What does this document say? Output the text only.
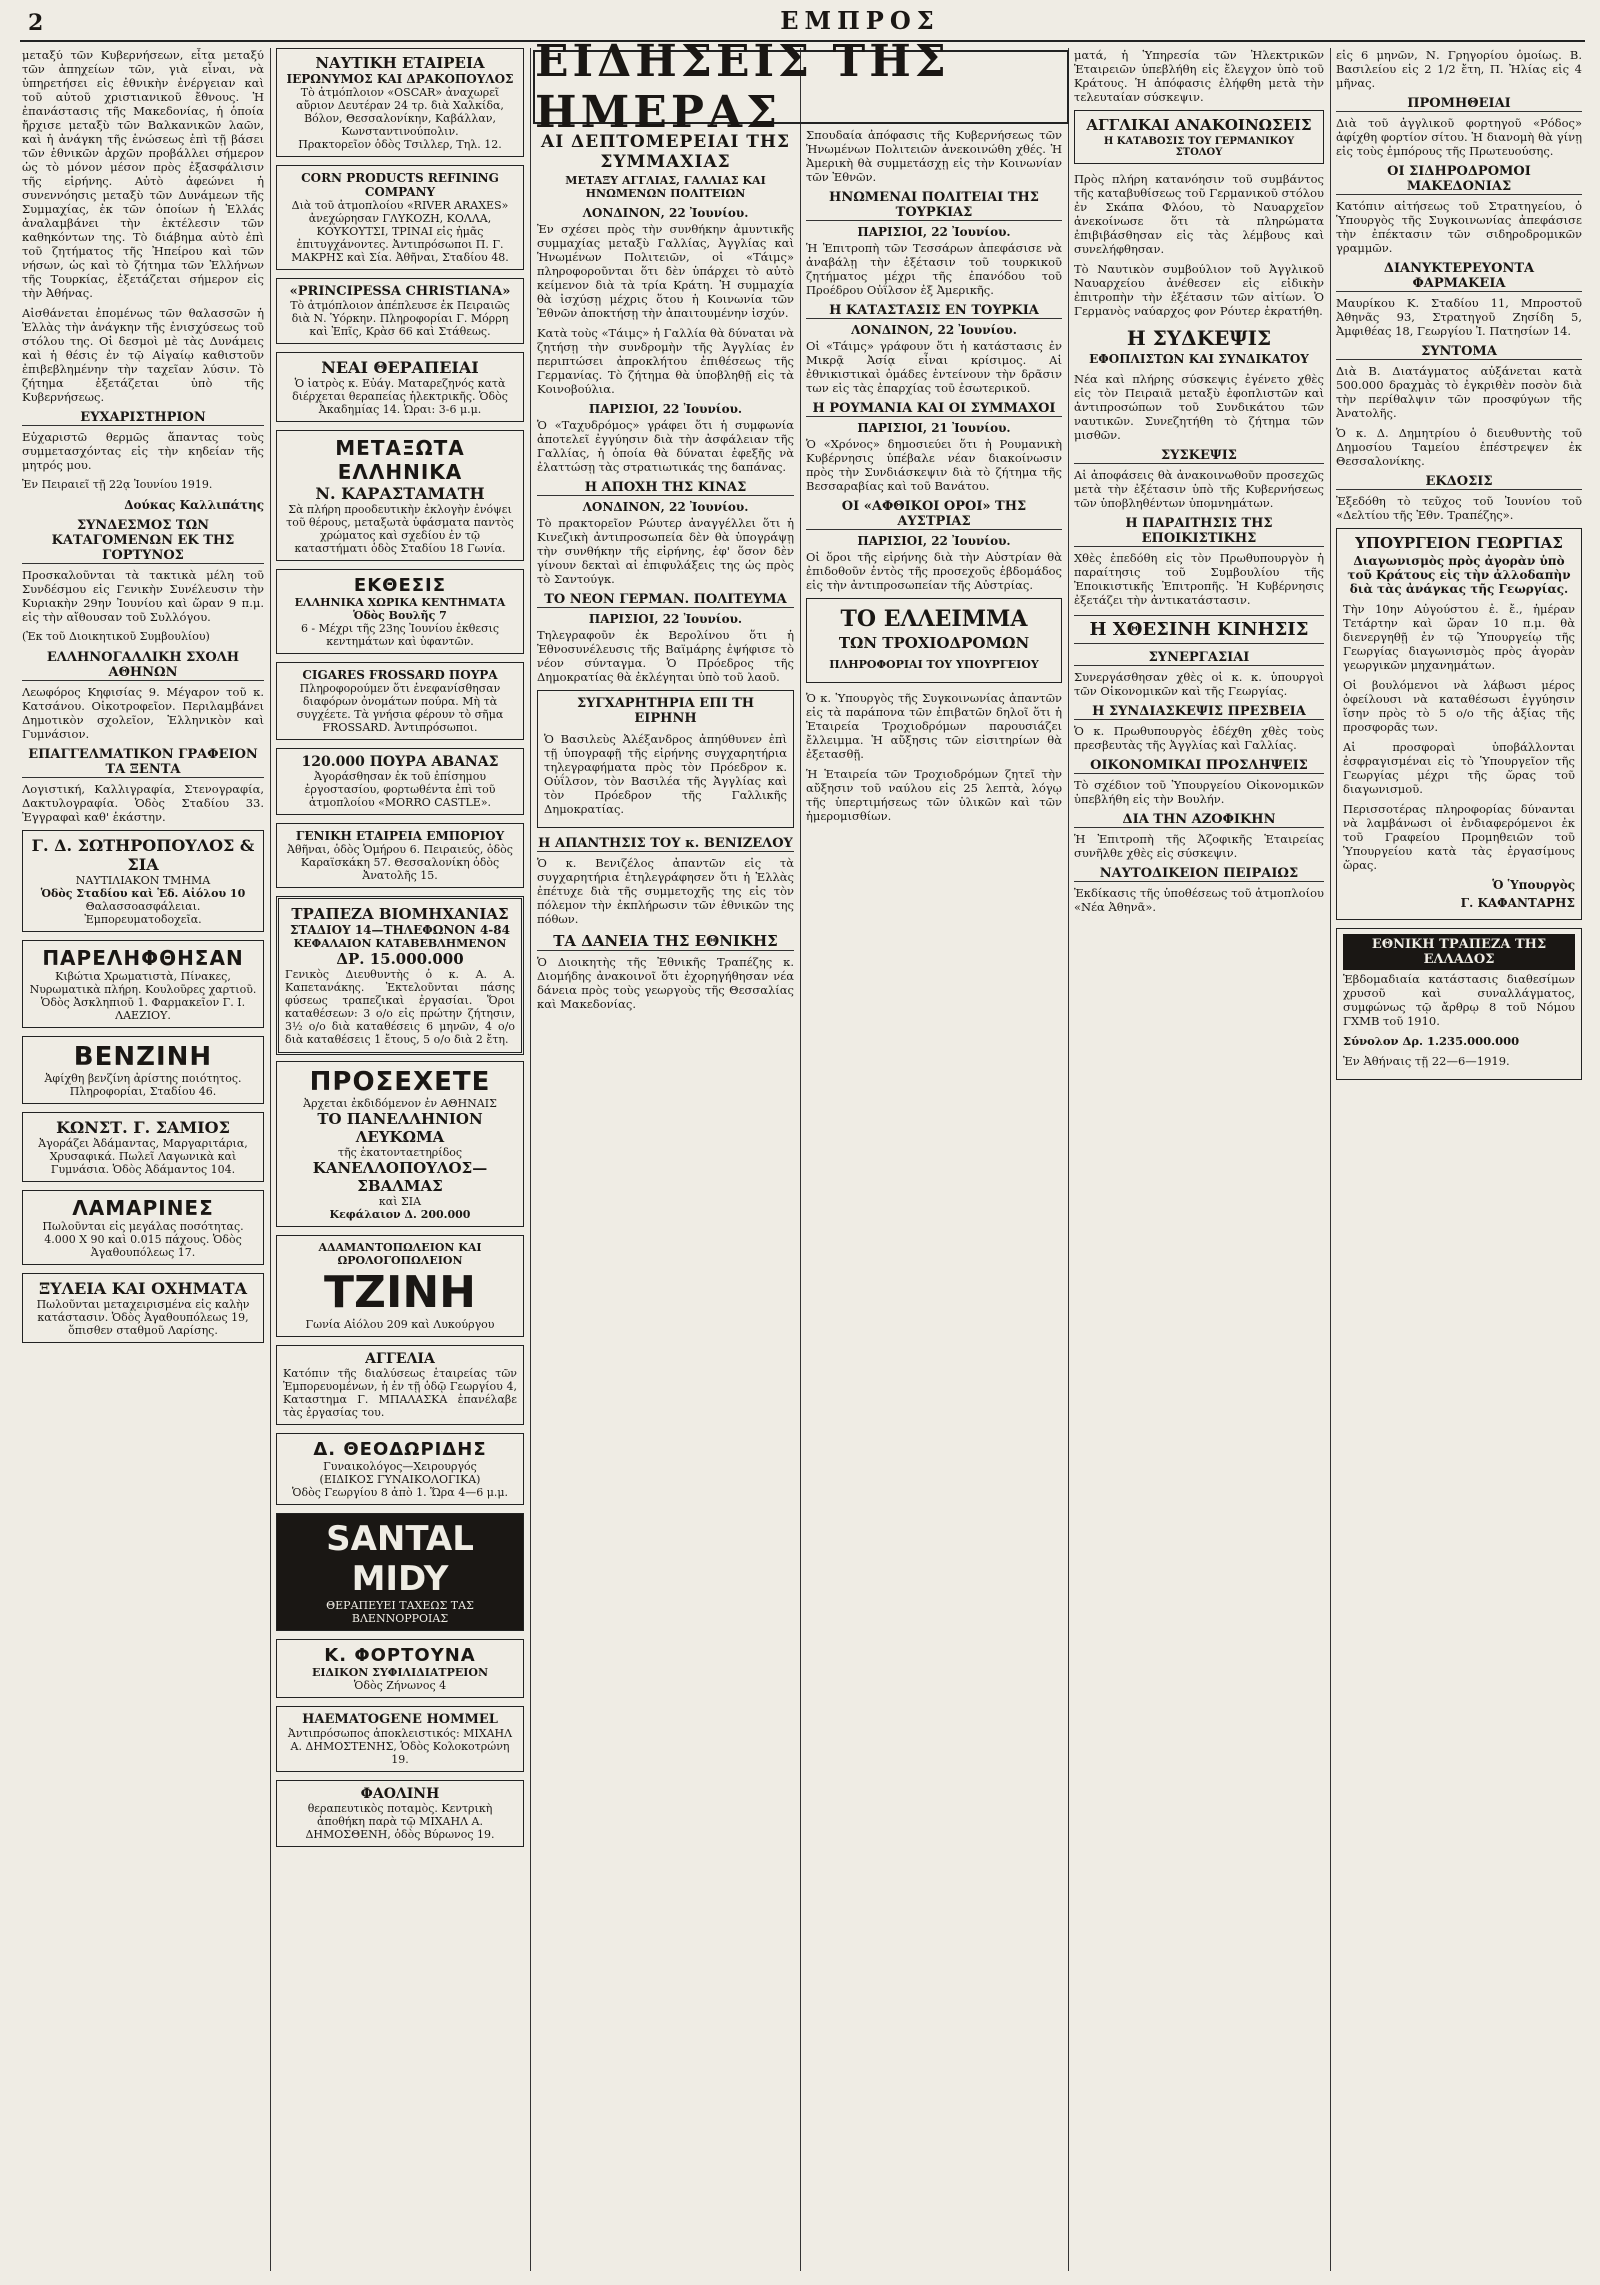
2	ΕΜΠΡΟΣ

μεταξύ τῶν Κυβερνήσεων, εἶτα μεταξύ τῶν ἀπηχείων τῶν, γιὰ εἶναι, νὰ ὑπηρετήσει εἰς ἐθνικὴν ἐνέργειαν καὶ τοῦ αὐτοῦ χριστιανικοῦ ἔθνους. Ἡ ἐπανάστασις τῆς Μακεδονίας, ἡ ὁποία ἤρχισε μεταξὺ τῶν Βαλκανικῶν λαῶν, καὶ ἡ ἀνάγκη τῆς ἑνώσεως ἐπὶ τῇ βάσει τῶν ἐθνικῶν ἀρχῶν προβάλλει σήμερον ὡς τὸ μόνον μέσον πρὸς ἐξασφάλισιν τῆς εἰρήνης. Αὐτὸ ἀφεώνει ἡ συνεννόησις μεταξὺ τῶν Δυνάμεων τῆς Συμμαχίας, ἐκ τῶν ὁποίων ἡ Ἑλλάς ἀναλαμβάνει τὴν ἐκτέλεσιν τῶν καθηκόντων της. Τὸ διάβημα αὐτὸ ἐπὶ τοῦ ζητήματος τῆς Ἠπείρου καὶ τῶν νήσων, ὡς καὶ τὸ ζήτημα τῶν Ἑλλήνων τῆς Τουρκίας, ἐξετάζεται σήμερον εἰς τὴν Ἀθήνας.

Αἰσθάνεται ἐπομένως τῶν θαλασσῶν ἡ Ἑλλὰς τὴν ἀνάγκην τῆς ἐνισχύσεως τοῦ στόλου της. Οἱ δεσμοὶ μὲ τὰς Δυνάμεις καὶ ἡ θέσις ἐν τῷ Αἰγαίῳ καθιστοῦν ἐπιβεβλημένην τὴν ταχεῖαν λύσιν. Τὸ ζήτημα ἐξετάζεται ὑπὸ τῆς Κυβερνήσεως.

ΕΥΧΑΡΙΣΤΗΡΙΟΝ

Εὐχαριστῶ θερμῶς ἅπαντας τοὺς συμμετασχόντας εἰς τὴν κηδείαν τῆς μητρός μου.

Ἐν Πειραιεῖ τῇ 22ᾳ Ἰουνίου 1919.

Δούκας Καλλιπάτης
ΣΥΝΔΕΣΜΟΣ ΤΩΝ ΚΑΤΑΓΟΜΕΝΩΝ ΕΚ ΤΗΣ ΓΟΡΤΥΝΟΣ

Προσκαλοῦνται τὰ τακτικὰ μέλη τοῦ Συνδέσμου εἰς Γενικὴν Συνέλευσιν τὴν Κυριακὴν 29ην Ἰουνίου καὶ ὥραν 9 π.μ. εἰς τὴν αἴθουσαν τοῦ Συλλόγου.

(Ἐκ τοῦ Διοικητικοῦ Συμβουλίου)

ΕΛΛΗΝΟΓΑΛΛΙΚΗ ΣΧΟΛΗ ΑΘΗΝΩΝ

Λεωφόρος Κηφισίας 9. Μέγαρον τοῦ κ. Κατσάνου. Οἰκοτροφεῖον. Περιλαμβάνει Δημοτικὸν σχολεῖον, Ἑλληνικὸν καὶ Γυμνάσιον.

ΕΠΑΓΓΕΛΜΑΤΙΚΟΝ ΓΡΑΦΕΙΟΝ ΤΑ ΞΕΝΤΑ

Λογιστική, Καλλιγραφία, Στενογραφία, Δακτυλογραφία. Ὁδὸς Σταδίου 33. Ἐγγραφαὶ καθ' ἑκάστην.

Γ. Δ. ΣΩΤΗΡΟΠΟΥΛΟΣ & ΣΙΑ
ΝΑΥΤΙΛΙΑΚΟΝ ΤΜΗΜΑ
Ὁδὸς Σταδίου καὶ Ἑδ. Αἰόλου 10
Θαλασσοασφάλειαι. Ἐμπορευματοδοχεῖα.
ΠΑΡΕΛΗΦΘΗΣΑΝ
Κιβώτια Χρωματιστὰ, Πίνακες, Νυρωματικὰ πλήρη. Κουλοῦρες χαρτιοῦ. Ὁδὸς Ἀσκληπιοῦ 1. Φαρμακεῖον Γ. Ι. ΛΑΕΖΙΟΥ.
ΒΕΝΖΙΝΗ
Ἀφίχθη βενζίνη ἀρίστης ποιότητος. Πληροφορίαι, Σταδίου 46.
ΚΩΝΣΤ. Γ. ΣΑΜΙΟΣ
Ἀγοράζει Ἀδάμαντας, Μαργαριτάρια, Χρυσαφικά. Πωλεῖ Λαγωνικὰ καὶ Γυμνάσια. Ὁδὸς Ἀδάμαντος 104.
ΛΑΜΑΡΙΝΕΣ
Πωλοῦνται εἰς μεγάλας ποσότητας. 4.000 Χ 90 καὶ 0.015 πάχους. Ὁδὸς Ἀγαθουπόλεως 17.
ΞΥΛΕΙΑ ΚΑΙ ΟΧΗΜΑΤΑ
Πωλοῦνται μεταχειρισμένα εἰς καλὴν κατάστασιν. Ὁδὸς Ἀγαθουπόλεως 19, ὅπισθεν σταθμοῦ Λαρίσης.
ΝΑΥΤΙΚΗ ΕΤΑΙΡΕΙΑ
ΙΕΡΩΝΥΜΟΣ ΚΑΙ ΔΡΑΚΟΠΟΥΛΟΣ
Τὸ ἀτμόπλοιον «OSCAR» ἀναχωρεῖ αὔριον Δευτέραν 24 τρ. διὰ Χαλκίδα, Βόλον, Θεσσαλονίκην, Καβάλλαν, Κωνσταντινούπολιν.
Πρακτορεῖον ὁδὸς Τσιλλερ, Τηλ. 12.
CORN PRODUCTS REFINING COMPANY
Διὰ τοῦ ἀτμοπλοίου «RIVER ARAXES» ἀνεχώρησαν ΓΛΥΚΟΖΗ, ΚΟΛΛΑ, ΚΟΥΚΟΥΤΣΙ, ΤΡΙΝΑΙ εἰς ἡμᾶς ἐπιτυγχάνοντες. Ἀντιπρόσωποι Π. Γ. ΜΑΚΡΗΣ καὶ Σία. Ἀθῆναι, Σταδίου 48.
«PRINCIPESSA CHRISTIANA»
Τὸ ἀτμόπλοιον ἀπέπλευσε ἐκ Πειραιῶς διὰ Ν. Ὑόρκην. Πληροφορίαι Γ. Μόρρη καὶ Ἐπῖς, Κρὰσ 66 καὶ Στάθεως.
ΝΕΑΙ ΘΕΡΑΠΕΙΑΙ
Ὁ ἰατρὸς κ. Εὐάγ. Ματαρεζηνός κατὰ διέρχεται θεραπείας ἠλεκτρικῆς. Ὁδὸς Ἀκαδημίας 14. Ὡραι: 3-6 μ.μ.
ΜΕΤΑΞΩΤΑ ΕΛΛΗΝΙΚΑ
Ν. ΚΑΡΑΣΤΑΜΑΤΗ
Σὰ πλήρη προοδευτικὴν ἐκλογὴν ἐνόψει τοῦ θέρους, μεταξωτὰ ὑφάσματα παντὸς χρώματος καὶ σχεδίου ἐν τῷ καταστήματι ὁδὸς Σταδίου 18 Γωνία.
ΕΚΘΕΣΙΣ
ΕΛΛΗΝΙΚΑ ΧΩΡΙΚΑ ΚΕΝΤΗΜΑΤΑ
Ὁδὸς Βουλῆς 7
6 - Μέχρι τῆς 23ης Ἰουνίου ἐκθεσις κεντημάτων καὶ ὑφαντῶν.
CIGARES FROSSARD ΠΟΥΡΑ
Πληροφορούμεν ὅτι ἐνεφανίσθησαν διαφόρων ὀνομάτων πούρα. Μὴ τὰ συγχέετε. Τὰ γνήσια φέρουν τὸ σῆμα FROSSARD. Ἀντιπρόσωποι.
120.000 ΠΟΥΡΑ ΑΒΑΝΑΣ
Ἀγοράσθησαν ἐκ τοῦ ἐπίσημου ἐργοστασίου, φορτωθέντα ἐπὶ τοῦ ἀτμοπλοίου «MORRO CASTLE».
ΓΕΝΙΚΗ ΕΤΑΙΡΕΙΑ ΕΜΠΟΡΙΟΥ
Ἀθῆναι, ὁδὸς Ὁμήρου 6. Πειραιεύς, ὁδὸς Καραϊσκάκη 57. Θεσσαλονίκη ὁδὸς Ἀνατολῆς 15.
ΤΡΑΠΕΖΑ ΒΙΟΜΗΧΑΝΙΑΣ
ΣΤΑΔΙΟΥ 14—ΤΗΛΕΦΩΝΟΝ 4-84
ΚΕΦΑΛΑΙΟΝ ΚΑΤΑΒΕΒΛΗΜΕΝΟΝ
ΔΡ. 15.000.000
Γενικὸς Διευθυντὴς ὁ κ. Α. Α. Καπετανάκης. Ἐκτελοῦνται πάσης φύσεως τραπεζικαὶ ἐργασίαι. Ὅροι καταθέσεων: 3 ο/ο εἰς πρώτην ζήτησιν, 3½ ο/ο διὰ καταθέσεις 6 μηνῶν, 4 ο/ο διὰ καταθέσεις 1 ἔτους, 5 ο/ο διὰ 2 ἔτη.
ΠΡΟΣΕΧΕΤΕ
Ἀρχεται ἐκδιδόμενον ἐν ΑΘΗΝΑΙΣ
ΤΟ ΠΑΝΕΛΛΗΝΙΟΝ ΛΕΥΚΩΜΑ
τῆς ἑκατονταετηρίδος
ΚΑΝΕΛΛΟΠΟΥΛΟΣ—ΣΒΑΛΜΑΣ
καὶ ΣΙΑ
Κεφάλαιον Δ. 200.000
ΑΔΑΜΑΝΤΟΠΩΛΕΙΟΝ ΚΑΙ ΩΡΟΛΟΓΟΠΩΛΕΙΟΝ
ΤΖΙΝΗ
Γωνία Αἰόλου 209 καὶ Λυκούργου
ΑΓΓΕΛΙΑ
Κατόπιν τῆς διαλύσεως ἑταιρείας τῶν Ἐμπορευομένων, ἡ ἐν τῇ ὁδῷ Γεωργίου 4, Καταστημα Γ. ΜΠΑΛΑΣΚΑ ἐπανέλαβε τὰς ἐργασίας του.
Δ. ΘΕΟΔΩΡΙΔΗΣ
Γυναικολόγος—Χειρουργός
(ΕΙΔΙΚΟΣ ΓΥΝΑΙΚΟΛΟΓΙΚΑ)
Ὁδὸς Γεωργίου 8 ἀπὸ 1. Ὥρα 4—6 μ.μ.
SANTAL MIDY
ΘΕΡΑΠΕΥΕΙ ΤΑΧΕΩΣ ΤΑΣ ΒΛΕΝΝΟΡΡΟΙΑΣ
Κ. ΦΟΡΤΟΥΝΑ
ΕΙΔΙΚΟΝ ΣΥΦΙΛΙΔΙΑΤΡΕΙΟΝ
Ὁδὸς Ζήνωνος 4
HAEMATOGENE HOMMEL
Ἀντιπρόσωπος ἀποκλειστικός: ΜΙΧΑΗΛ Α. ΔΗΜΟΣΤΕΝΗΣ, Ὁδὸς Κολοκοτρώνη 19.
ΦΑΟΛΙΝΗ
θεραπευτικὸς ποταμὸς. Κεντρικὴ ἀποθήκη παρὰ τῷ ΜΙΧΑΗΛ Α. ΔΗΜΟΣΘΕΝΗ, ὁδὸς Βύρωνος 19.
ΕΙΔΗΣΕΙΣ ΤΗΣ ΗΜΕΡΑΣ
ΑΙ ΔΕΠΤΟΜΕΡΕΙΑΙ ΤΗΣ ΣΥΜΜΑΧΙΑΣ
ΜΕΤΑΞΥ ΑΓΓΛΙΑΣ, ΓΑΛΛΙΑΣ ΚΑΙ ΗΝΩΜΕΝΩΝ ΠΟΛΙΤΕΙΩΝ
ΛΟΝΔΙΝΟΝ, 22 Ἰουνίου.

Ἐν σχέσει πρὸς τὴν συνθήκην ἀμυντικῆς συμμαχίας μεταξὺ Γαλλίας, Ἀγγλίας καὶ Ἡνωμένων Πολιτειῶν, οἱ «Τάιμς» πληροφοροῦνται ὅτι δὲν ὑπάρχει τὸ αὐτὸ κείμενον διὰ τὰ τρία Κράτη. Ἡ συμμαχία θὰ ἰσχύσῃ μέχρις ὅτου ἡ Κοινωνία τῶν Ἐθνῶν ἀποκτήσῃ τὴν ἀπαιτουμένην ἰσχύν.

Κατὰ τοὺς «Τάιμς» ἡ Γαλλία θὰ δύναται νὰ ζητήσῃ τὴν συνδρομὴν τῆς Ἀγγλίας ἐν περιπτώσει ἀπροκλήτου ἐπιθέσεως τῆς Γερμανίας. Τὸ ζήτημα θὰ ὑποβληθῇ εἰς τὰ Κοινοβούλια.

ΠΑΡΙΣΙΟΙ, 22 Ἰουνίου.

Ὁ «Ταχυδρόμος» γράφει ὅτι ἡ συμφωνία ἀποτελεῖ ἐγγύησιν διὰ τὴν ἀσφάλειαν τῆς Γαλλίας, ἡ ὁποία θὰ δύναται ἐφεξῆς νὰ ἐλαττώσῃ τὰς στρατιωτικάς της δαπάνας.

Η ΑΠΟΧΗ ΤΗΣ ΚΙΝΑΣ
ΛΟΝΔΙΝΟΝ, 22 Ἰουνίου.

Τὸ πρακτορεῖον Ρώυτερ ἀναγγέλλει ὅτι ἡ Κινεζικὴ ἀντιπροσωπεία δὲν θὰ ὑπογράψῃ τὴν συνθήκην τῆς εἰρήνης, ἐφ' ὅσον δὲν γίνουν δεκταὶ αἱ ἐπιφυλάξεις της ὡς πρὸς τὸ Σαντούγκ.

ΤΟ ΝΕΟΝ ΓΕΡΜΑΝ. ΠΟΛΙΤΕΥΜΑ
ΠΑΡΙΣΙΟΙ, 22 Ἰουνίου.

Τηλεγραφοῦν ἐκ Βερολίνου ὅτι ἡ Ἐθνοσυνέλευσις τῆς Βαϊμάρης ἐψήφισε τὸ νέον σύνταγμα. Ὁ Πρόεδρος τῆς Δημοκρατίας θὰ ἐκλέγηται ὑπὸ τοῦ λαοῦ.

ΣΥΓΧΑΡΗΤΗΡΙΑ ΕΠΙ ΤΗ ΕΙΡΗΝΗ

Ὁ Βασιλεὺς Ἀλέξανδρος ἀπηύθυνεν ἐπὶ τῇ ὑπογραφῇ τῆς εἰρήνης συγχαρητήρια τηλεγραφήματα πρὸς τὸν Πρόεδρον κ. Οὐΐλσον, τὸν Βασιλέα τῆς Ἀγγλίας καὶ τὸν Πρόεδρον τῆς Γαλλικῆς Δημοκρατίας.

Η ΑΠΑΝΤΗΣΙΣ ΤΟΥ κ. ΒΕΝΙΖΕΛΟΥ

Ὁ κ. Βενιζέλος ἀπαντῶν εἰς τὰ συγχαρητήρια ἐτηλεγράφησεν ὅτι ἡ Ἑλλὰς ἐπέτυχε διὰ τῆς συμμετοχῆς της εἰς τὸν πόλεμον τὴν ἐκπλήρωσιν τῶν ἐθνικῶν της πόθων.

ΤΑ ΔΑΝΕΙΑ ΤΗΣ ΕΘΝΙΚΗΣ

Ὁ Διοικητὴς τῆς Ἐθνικῆς Τραπέζης κ. Διομήδης ἀνακοινοῖ ὅτι ἐχορηγήθησαν νέα δάνεια πρὸς τοὺς γεωργοὺς τῆς Θεσσαλίας καὶ Μακεδονίας.

Σπουδαία ἀπόφασις τῆς Κυβερνήσεως τῶν Ἡνωμένων Πολιτειῶν ἀνεκοινώθη χθές. Ἡ Ἀμερικὴ θὰ συμμετάσχῃ εἰς τὴν Κοινωνίαν τῶν Ἐθνῶν.

ΗΝΩΜΕΝΑΙ ΠΟΛΙΤΕΙΑΙ ΤΗΣ ΤΟΥΡΚΙΑΣ
ΠΑΡΙΣΙΟΙ, 22 Ἰουνίου.

Ἡ Ἐπιτροπὴ τῶν Τεσσάρων ἀπεφάσισε νὰ ἀναβάλῃ τὴν ἐξέτασιν τοῦ τουρκικοῦ ζητήματος μέχρι τῆς ἐπανόδου τοῦ Προέδρου Οὐΐλσον ἐξ Ἀμερικῆς.

Η ΚΑΤΑΣΤΑΣΙΣ ΕΝ ΤΟΥΡΚΙΑ
ΛΟΝΔΙΝΟΝ, 22 Ἰουνίου.

Οἱ «Τάιμς» γράφουν ὅτι ἡ κατάστασις ἐν Μικρᾷ Ἀσίᾳ εἶναι κρίσιμος. Αἱ ἐθνικιστικαὶ ὁμάδες ἐντείνουν τὴν δρᾶσιν των εἰς τὰς ἐπαρχίας τοῦ ἐσωτερικοῦ.

Η ΡΟΥΜΑΝΙΑ ΚΑΙ ΟΙ ΣΥΜΜΑΧΟΙ
ΠΑΡΙΣΙΟΙ, 21 Ἰουνίου.

Ὁ «Χρόνος» δημοσιεύει ὅτι ἡ Ρουμανικὴ Κυβέρνησις ὑπέβαλε νέαν διακοίνωσιν πρὸς τὴν Συνδιάσκεψιν διὰ τὸ ζήτημα τῆς Βεσσαραβίας καὶ τοῦ Βανάτου.

ΟΙ «ΑΦΘΙΚΟΙ ΟΡΟΙ» ΤΗΣ ΑΥΣΤΡΙΑΣ
ΠΑΡΙΣΙΟΙ, 22 Ἰουνίου.

Οἱ ὅροι τῆς εἰρήνης διὰ τὴν Αὐστρίαν θὰ ἐπιδοθοῦν ἐντὸς τῆς προσεχοῦς ἑβδομάδος εἰς τὴν ἀντιπροσωπείαν τῆς Αὐστρίας.

ΤΟ ΕΛΛΕΙΜΜΑ
ΤΩΝ ΤΡΟΧΙΟΔΡΟΜΩΝ
ΠΛΗΡΟΦΟΡΙΑΙ ΤΟΥ ΥΠΟΥΡΓΕΙΟΥ

Ὁ κ. Ὑπουργὸς τῆς Συγκοινωνίας ἀπαντῶν εἰς τὰ παράπονα τῶν ἐπιβατῶν δηλοῖ ὅτι ἡ Ἑταιρεία Τροχιοδρόμων παρουσιάζει ἔλλειμμα. Ἡ αὔξησις τῶν εἰσιτηρίων θὰ ἐξετασθῇ.

Ἡ Ἑταιρεία τῶν Τροχιοδρόμων ζητεῖ τὴν αὔξησιν τοῦ ναύλου εἰς 25 λεπτὰ, λόγῳ τῆς ὑπερτιμήσεως τῶν ὑλικῶν καὶ τῶν ἡμερομισθίων.

ματά, ἡ Ὑπηρεσία τῶν Ἠλεκτρικῶν Ἑταιρειῶν ὑπεβλήθη εἰς ἔλεγχον ὑπὸ τοῦ Κράτους. Ἡ ἀπόφασις ἐλήφθη μετὰ τὴν τελευταίαν σύσκεψιν.

ΑΓΓΛΙΚΑΙ ΑΝΑΚΟΙΝΩΣΕΙΣ
Η ΚΑΤΑΒΟΣΙΣ ΤΟΥ ΓΕΡΜΑΝΙΚΟΥ ΣΤΟΛΟΥ

Πρὸς πλήρη κατανόησιν τοῦ συμβάντος τῆς καταβυθίσεως τοῦ Γερμανικοῦ στόλου ἐν Σκάπα Φλόου, τὸ Ναυαρχεῖον ἀνεκοίνωσε ὅτι τὰ πληρώματα ἐπιβιβάσθησαν εἰς τὰς λέμβους καὶ συνελήφθησαν.

Τὸ Ναυτικὸν συμβούλιον τοῦ Ἀγγλικοῦ Ναυαρχείου ἀνέθεσεν εἰς εἰδικὴν ἐπιτροπὴν τὴν ἐξέτασιν τῶν αἰτίων. Ὁ Γερμανὸς ναύαρχος φον Ρόυτερ ἐκρατήθη.

Η ΣΥΔΚΕΨΙΣ
ΕΦΟΠΛΙΣΤΩΝ ΚΑΙ ΣΥΝΔΙΚΑΤΟΥ

Νέα καὶ πλήρης σύσκεψις ἐγένετο χθὲς εἰς τὸν Πειραιᾶ μεταξὺ ἐφοπλιστῶν καὶ ἀντιπροσώπων τοῦ Συνδικάτου τῶν ναυτικῶν. Συνεζητήθη τὸ ζήτημα τῶν μισθῶν.

ΣΥΣΚΕΨΙΣ

Αἱ ἀποφάσεις θὰ ἀνακοινωθοῦν προσεχῶς μετὰ τὴν ἐξέτασιν ὑπὸ τῆς Κυβερνήσεως τῶν ὑποβληθέντων ὑπομνημάτων.

Η ΠΑΡΑΙΤΗΣΙΣ ΤΗΣ ΕΠΟΙΚΙΣΤΙΚΗΣ

Χθὲς ἐπεδόθη εἰς τὸν Πρωθυπουργὸν ἡ παραίτησις τοῦ Συμβουλίου τῆς Ἐποικιστικῆς Ἐπιτροπῆς. Ἡ Κυβέρνησις ἐξετάζει τὴν ἀντικατάστασιν.

Η ΧΘΕΣΙΝΗ ΚΙΝΗΣΙΣ
ΣΥΝΕΡΓΑΣΙΑΙ

Συνεργάσθησαν χθὲς οἱ κ. κ. ὑπουργοὶ τῶν Οἰκονομικῶν καὶ τῆς Γεωργίας.

Η ΣΥΝΔΙΑΣΚΕΨΙΣ ΠΡΕΣΒΕΙΑ

Ὁ κ. Πρωθυπουργὸς ἐδέχθη χθὲς τοὺς πρεσβευτὰς τῆς Ἀγγλίας καὶ Γαλλίας.

ΟΙΚΟΝΟΜΙΚΑΙ ΠΡΟΣΛΗΨΕΙΣ

Τὸ σχέδιον τοῦ Ὑπουργείου Οἰκονομικῶν ὑπεβλήθη εἰς τὴν Βουλήν.

ΔΙΑ ΤΗΝ ΑΖΟΦΙΚΗΝ

Ἡ Ἐπιτροπὴ τῆς Ἀζοφικῆς Ἑταιρείας συνῆλθε χθὲς εἰς σύσκεψιν.

ΝΑΥΤΟΔΙΚΕΙΟΝ ΠΕΙΡΑΙΩΣ

Ἐκδίκασις τῆς ὑποθέσεως τοῦ ἀτμοπλοίου «Νέα Ἀθηνᾶ».

εἰς 6 μηνῶν, Ν. Γρηγορίου ὁμοίως. Β. Βασιλείου εἰς 2 1/2 ἔτη, Π. Ἠλίας εἰς 4 μῆνας.

ΠΡΟΜΗΘΕΙΑΙ

Διὰ τοῦ ἀγγλικοῦ φορτηγοῦ «Ρόδος» ἀφίχθη φορτίον σίτου. Ἡ διανομὴ θὰ γίνῃ εἰς τοὺς ἐμπόρους τῆς Πρωτευούσης.

ΟΙ ΣΙΔΗΡΟΔΡΟΜΟΙ ΜΑΚΕΔΟΝΙΑΣ

Κατόπιν αἰτήσεως τοῦ Στρατηγείου, ὁ Ὑπουργὸς τῆς Συγκοινωνίας ἀπεφάσισε τὴν ἐπέκτασιν τῶν σιδηροδρομικῶν γραμμῶν.

ΔΙΑΝΥΚΤΕΡΕΥΟΝΤΑ ΦΑΡΜΑΚΕΙΑ

Μαυρίκου Κ. Σταδίου 11, Μπροστοῦ Ἀθηνᾶς 93, Στρατηγοῦ Ζησίδη 5, Ἀμφιθέας 18, Γεωργίου Ἰ. Πατησίων 14.

ΣΥΝΤΟΜΑ

Διὰ Β. Διατάγματος αὐξάνεται κατὰ 500.000 δραχμὰς τὸ ἐγκριθὲν ποσὸν διὰ τὴν περίθαλψιν τῶν προσφύγων τῆς Ἀνατολῆς.

Ὁ κ. Δ. Δημητρίου ὁ διευθυντὴς τοῦ Δημοσίου Ταμείου ἐπέστρεψεν ἐκ Θεσσαλονίκης.

ΕΚΔΟΣΙΣ

Ἐξεδόθη τὸ τεῦχος τοῦ Ἰουνίου τοῦ «Δελτίου τῆς Ἐθν. Τραπέζης».

ΥΠΟΥΡΓΕΙΟΝ ΓΕΩΡΓΙΑΣ
Διαγωνισμὸς πρὸς ἀγορὰν ὑπὸ τοῦ Κράτους εἰς τὴν ἀλλοδαπὴν διὰ τὰς ἀνάγκας τῆς Γεωργίας.

Τὴν 10ην Αὐγούστου ἐ. ἔ., ἡμέραν Τετάρτην καὶ ὥραν 10 π.μ. θὰ διενεργηθῇ ἐν τῷ Ὑπουργείῳ τῆς Γεωργίας διαγωνισμὸς πρὸς ἀγορὰν γεωργικῶν μηχανημάτων.

Οἱ βουλόμενοι νὰ λάβωσι μέρος ὀφείλουσι νὰ καταθέσωσι ἐγγύησιν ἴσην πρὸς τὸ 5 ο/ο τῆς ἀξίας τῆς προσφορᾶς των.

Αἱ προσφοραὶ ὑποβάλλονται ἐσφραγισμέναι εἰς τὸ Ὑπουργεῖον τῆς Γεωργίας μέχρι τῆς ὥρας τοῦ διαγωνισμοῦ.

Περισσοτέρας πληροφορίας δύνανται νὰ λαμβάνωσι οἱ ἐνδιαφερόμενοι ἐκ τοῦ Γραφείου Προμηθειῶν τοῦ Ὑπουργείου κατὰ τὰς ἐργασίμους ὥρας.

Ὁ Ὑπουργὸς
Γ. ΚΑΦΑΝΤΑΡΗΣ
ΕΘΝΙΚΗ ΤΡΑΠΕΖΑ ΤΗΣ ΕΛΛΑΔΟΣ

Ἑβδομαδιαία κατάστασις διαθεσίμων χρυσοῦ καὶ συναλλάγματος, συμφώνως τῷ ἄρθρῳ 8 τοῦ Νόμου ΓΧΜΒ τοῦ 1910.

Σύνολον Δρ. 1.235.000.000

Ἐν Ἀθήναις τῇ 22—6—1919.
